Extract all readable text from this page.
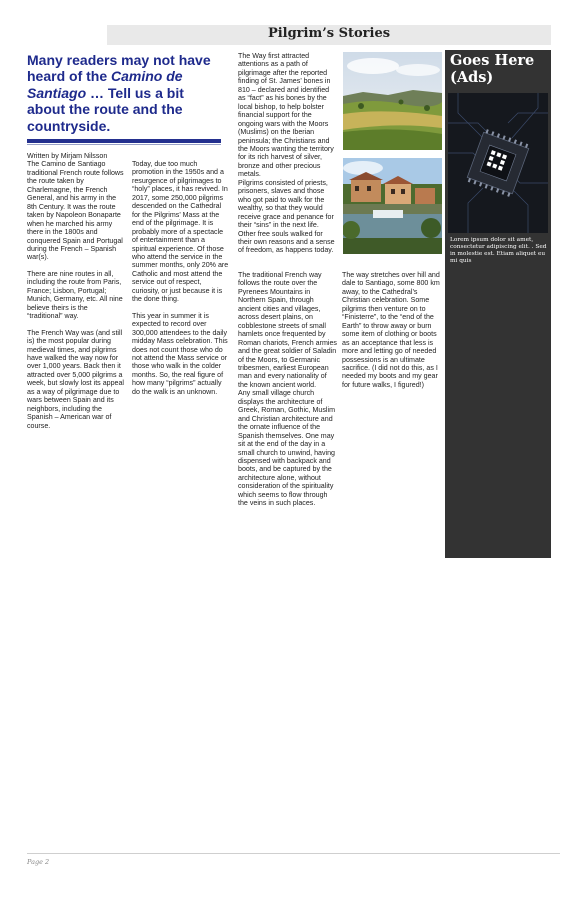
Pilgrim’s Stories
Many readers may not have heard of the Camino de Santiago … Tell us a bit about the route and the countryside.

Written by Mirjam Nilsson
The Camino de Santiago traditional French route follows the route taken by Charlemagne, the French General, and his army in the 8th Century. It was the route taken by Napoleon Bonaparte when he marched his army there in the 1800s and conquered Spain and Portugal during the French – Spanish war(s).

There are nine routes in all, including the route from Paris, France; Lisbon, Portugal; Munich, Germany, etc. All nine believe theirs is the “traditional” way.

The French Way was (and still is) the most popular during medieval times, and pilgrims have walked the way now for over 1,000 years. Back then it attracted over 5,000 pilgrims a week, but slowly lost its appeal as a way of pilgrimage due to wars between Spain and its neighbors, including the Spanish – American war of course.

Today, due too much promotion in the 1950s and a resurgence of pilgrimages to “holy” places, it has revived. In 2017, some 250,000 pilgrims descended on the Cathedral for the Pilgrims’ Mass at the end of the pilgrimage. It is probably more of a spectacle of entertainment than a spiritual experience. Of those who attend the service in the summer months, only 20% are Catholic and most attend the service out of respect, curiosity, or just because it is the done thing.

This year in summer it is expected to record over 300,000 attendees to the daily midday Mass celebration. This does not count those who do not attend the Mass service or those who walk in the colder months. So, the real figure of how many “pilgrims” actually do the walk is an unknown.

The Way first attracted attentions as a path of pilgrimage after the reported finding of St. James’ bones in 810 – declared and identified as “fact” as his bones by the local bishop, to help bolster financial support for the ongoing wars with the Moors (Muslims) on the Iberian peninsula; the Christians and the Moors wanting the territory for its rich harvest of silver, bronze and other precious metals.
Pilgrims consisted of priests, prisoners, slaves and those who got paid to walk for the wealthy, so that they would receive grace and penance for their “sins” in the next life. Other free souls walked for their own reasons and a sense of freedom, as happens today.

The traditional French way follows the route over the Pyrenees Mountains in Northern Spain, through ancient cities and villages, across desert plains, on cobblestone streets of small hamlets once frequented by Roman chariots, French armies and the great soldier of Saladin of the Moors, to Germanic tribesmen, earliest European man and every nationality of the known ancient world.
Any small village church displays the architecture of Greek, Roman, Gothic, Muslim and Christian architecture and the ornate influence of the Spanish themselves. One may sit at the end of the day in a small church to unwind, having dispensed with backpack and boots, and be captured by the architecture alone, without consideration of the spirituality which seems to flow through the veins in such places.

The way stretches over hill and dale to Santiago, some 800 km away, to the Cathedral’s Christian celebration. Some pilgrims then venture on to “Finisterre”, to the “end of the Earth” to throw away or burn some item of clothing or boots as an acceptance that less is more and letting go of needed possessions is an ultimate sacrifice. (I did not do this, as I needed my boots and my gear for future walks, I figured!)

Goes Here (Ads)
Lorem ipsum dolor sit amet, consectetur adipiscing elit. . Sed in molestie est. Etiam aliquet eu mi quis
Page 2
